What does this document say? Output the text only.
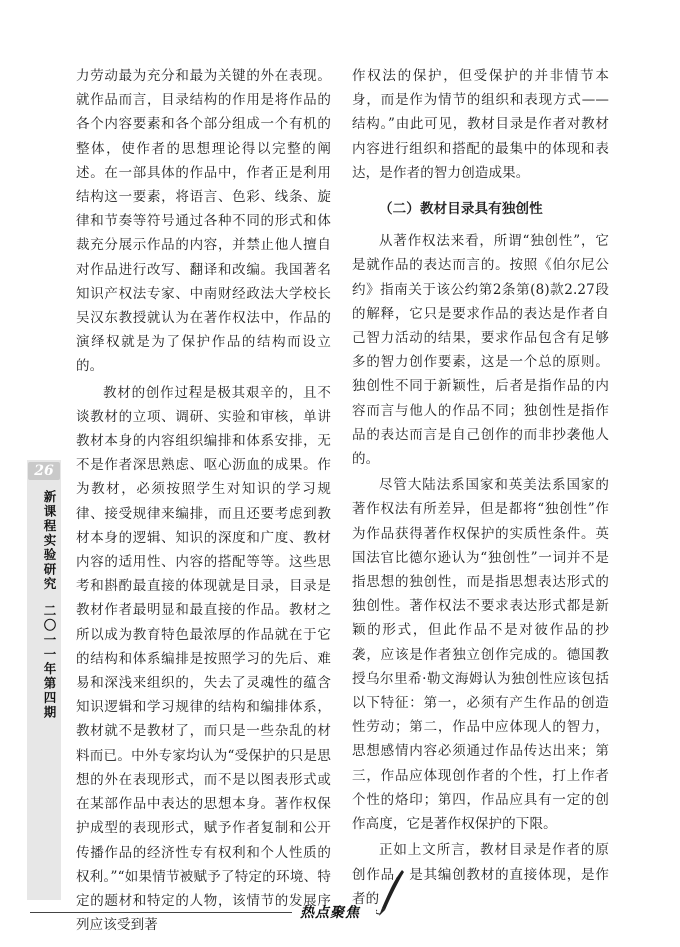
26
新课程实验研究  二〇一一年第四期

力劳动最为充分和最为关键的外在表现。就作品而言，目录结构的作用是将作品的各个内容要素和各个部分组成一个有机的整体，使作者的思想理论得以完整的阐述。在一部具体的作品中，作者正是利用结构这一要素，将语言、色彩、线条、旋律和节奏等符号通过各种不同的形式和体裁充分展示作品的内容，并禁止他人擅自对作品进行改写、翻译和改编。我国著名知识产权法专家、中南财经政法大学校长吴汉东教授就认为在著作权法中，作品的演绎权就是为了保护作品的结构而设立的。

教材的创作过程是极其艰辛的，且不谈教材的立项、调研、实验和审核，单讲教材本身的内容组织编排和体系安排，无不是作者深思熟虑、呕心沥血的成果。作为教材，必须按照学生对知识的学习规律、接受规律来编排，而且还要考虑到教材本身的逻辑、知识的深度和广度、教材内容的适用性、内容的搭配等等。这些思考和斟酌最直接的体现就是目录，目录是教材作者最明显和最直接的作品。教材之所以成为教育特色最浓厚的作品就在于它的结构和体系编排是按照学习的先后、难易和深浅来组织的，失去了灵魂性的蕴含知识逻辑和学习规律的结构和编排体系，教材就不是教材了，而只是一些杂乱的材料而已。中外专家均认为“受保护的只是思想的外在表现形式，而不是以图表形式或在某部作品中表达的思想本身。著作权保护成型的表现形式，赋予作者复制和公开传播作品的经济性专有权利和个人性质的权利。”“如果情节被赋予了特定的环境、特定的题材和特定的人物，该情节的发展序列应该受到著

作权法的保护，但受保护的并非情节本身，而是作为情节的组织和表现方式——结构。”由此可见，教材目录是作者对教材内容进行组织和搭配的最集中的体现和表达，是作者的智力创造成果。

（二）教材目录具有独创性

从著作权法来看，所谓“独创性”，它是就作品的表达而言的。按照《伯尔尼公约》指南关于该公约第2条第(8)款2.27段的解释，它只是要求作品的表达是作者自己智力活动的结果，要求作品包含有足够多的智力创作要素，这是一个总的原则。独创性不同于新颖性，后者是指作品的内容而言与他人的作品不同；独创性是指作品的表达而言是自己创作的而非抄袭他人的。

尽管大陆法系国家和英美法系国家的著作权法有所差异，但是都将“独创性”作为作品获得著作权保护的实质性条件。英国法官比德尔逊认为“独创性”一词并不是指思想的独创性，而是指思想表达形式的独创性。著作权法不要求表达形式都是新颖的形式，但此作品不是对彼作品的抄袭，应该是作者独立创作完成的。德国教授乌尔里希·勒文海姆认为独创性应该包括以下特征：第一，必须有产生作品的创造性劳动；第二，作品中应体现人的智力，思想感情内容必须通过作品传达出来；第三，作品应体现创作者的个性，打上作者个性的烙印；第四，作品应具有一定的创作高度，它是著作权保护的下限。

正如上文所言，教材目录是作者的原创作品，是其编创教材的直接体现，是作者的

热点聚焦
